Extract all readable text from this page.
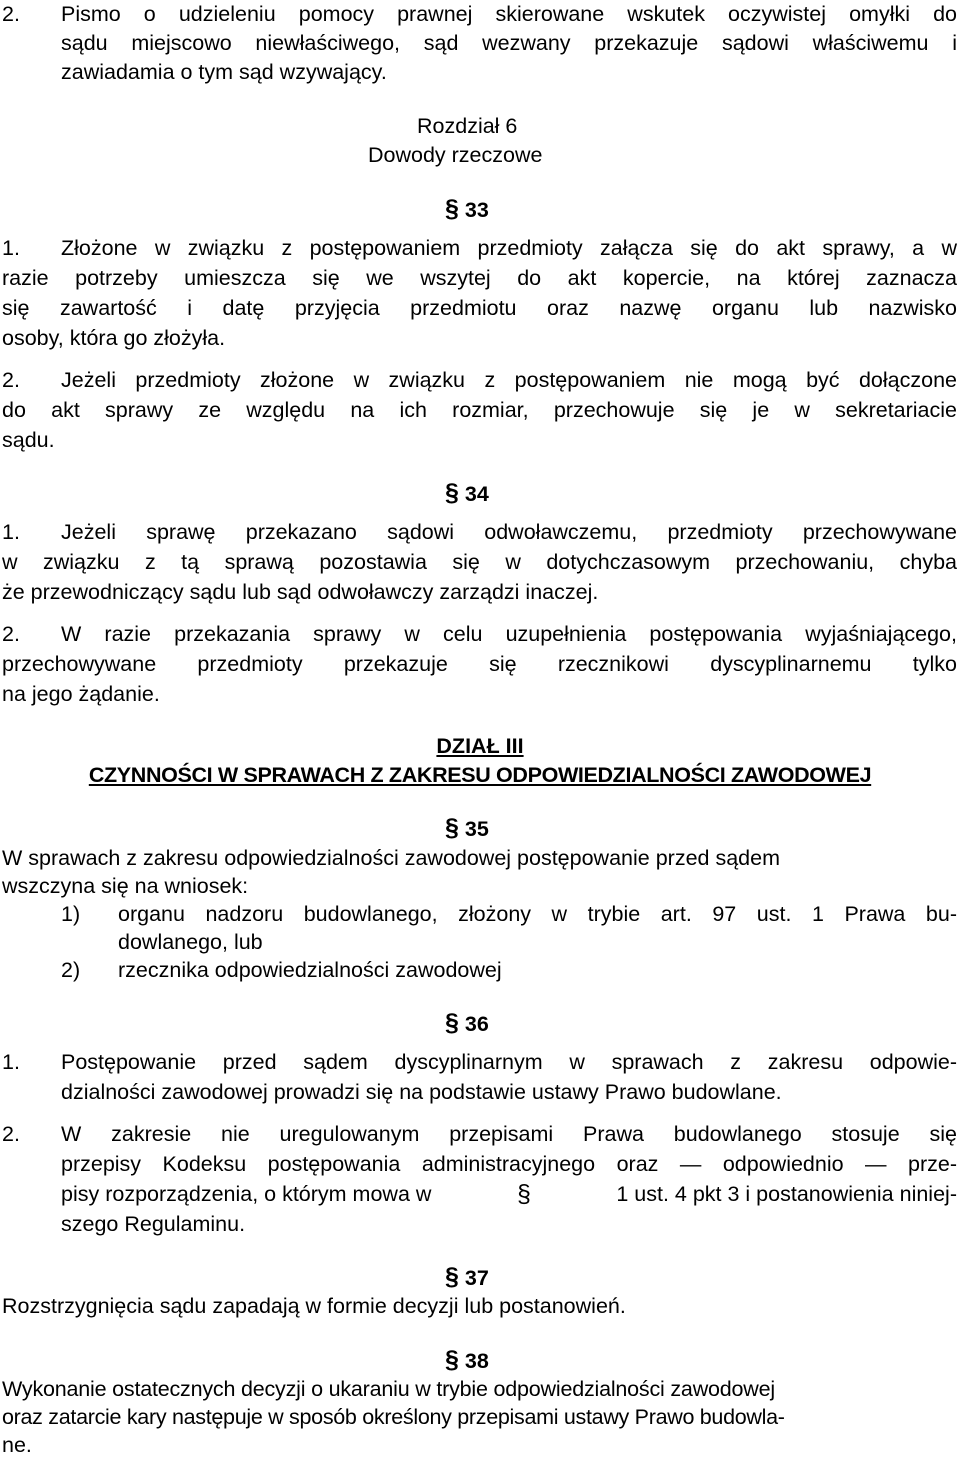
2. Pismo o udzieleniu pomocy prawnej skierowane wskutek oczywistej omyłki do
sądu miejscowo niewłaściwego, sąd wezwany przekazuje sądowi właściwemu i
zawiadamia o tym sąd wzywający.
Rozdział 6
Dowody rzeczowe
§ 33
1. Złożone w związku z postępowaniem przedmioty załącza się do akt sprawy, a w
razie potrzeby umieszcza się we wszytej do akt kopercie, na której zaznacza
się zawartość i datę przyjęcia przedmiotu oraz nazwę organu lub nazwisko
osoby, która go złożyła.
2. Jeżeli przedmioty złożone w związku z postępowaniem nie mogą być dołączone
do akt sprawy ze względu na ich rozmiar, przechowuje się je w sekretariacie
sądu.
§ 34
1. Jeżeli sprawę przekazano sądowi odwoławczemu, przedmioty przechowywane
w związku z tą sprawą pozostawia się w dotychczasowym przechowaniu, chyba
że przewodniczący sądu lub sąd odwoławczy zarządzi inaczej.
2. W razie przekazania sprawy w celu uzupełnienia postępowania wyjaśniającego,
przechowywane przedmioty przekazuje się rzecznikowi dyscyplinarnemu tylko
na jego żądanie.
DZIAŁ III
CZYNNOŚCI W SPRAWACH Z ZAKRESU ODPOWIEDZIALNOŚCI ZAWODOWEJ
§ 35
W sprawach z zakresu odpowiedzialności zawodowej postępowanie przed sądem
wszczyna się na wniosek:
1) organu nadzoru budowlanego, złożony w trybie art. 97 ust. 1 Prawa bu-
dowlanego, lub
2) rzecznika odpowiedzialności zawodowej
§ 36
1. Postępowanie przed sądem dyscyplinarnym w sprawach z zakresu odpowie-
dzialności zawodowej prowadzi się na podstawie ustawy Prawo budowlane.
2. W zakresie nie uregulowanym przepisami Prawa budowlanego stosuje się
przepisy Kodeksu postępowania administracyjnego oraz — odpowiednio — prze-
pisy rozporządzenia, o którym mowa w	§	1 ust. 4 pkt 3 i postanowienia niniej-
szego Regulaminu.
§ 37
Rozstrzygnięcia sądu zapadają w formie decyzji lub postanowień.
§ 38
Wykonanie ostatecznych decyzji o ukaraniu w trybie odpowiedzialności zawodowej
oraz zatarcie kary następuje w sposób określony przepisami ustawy Prawo budowla-
ne.
